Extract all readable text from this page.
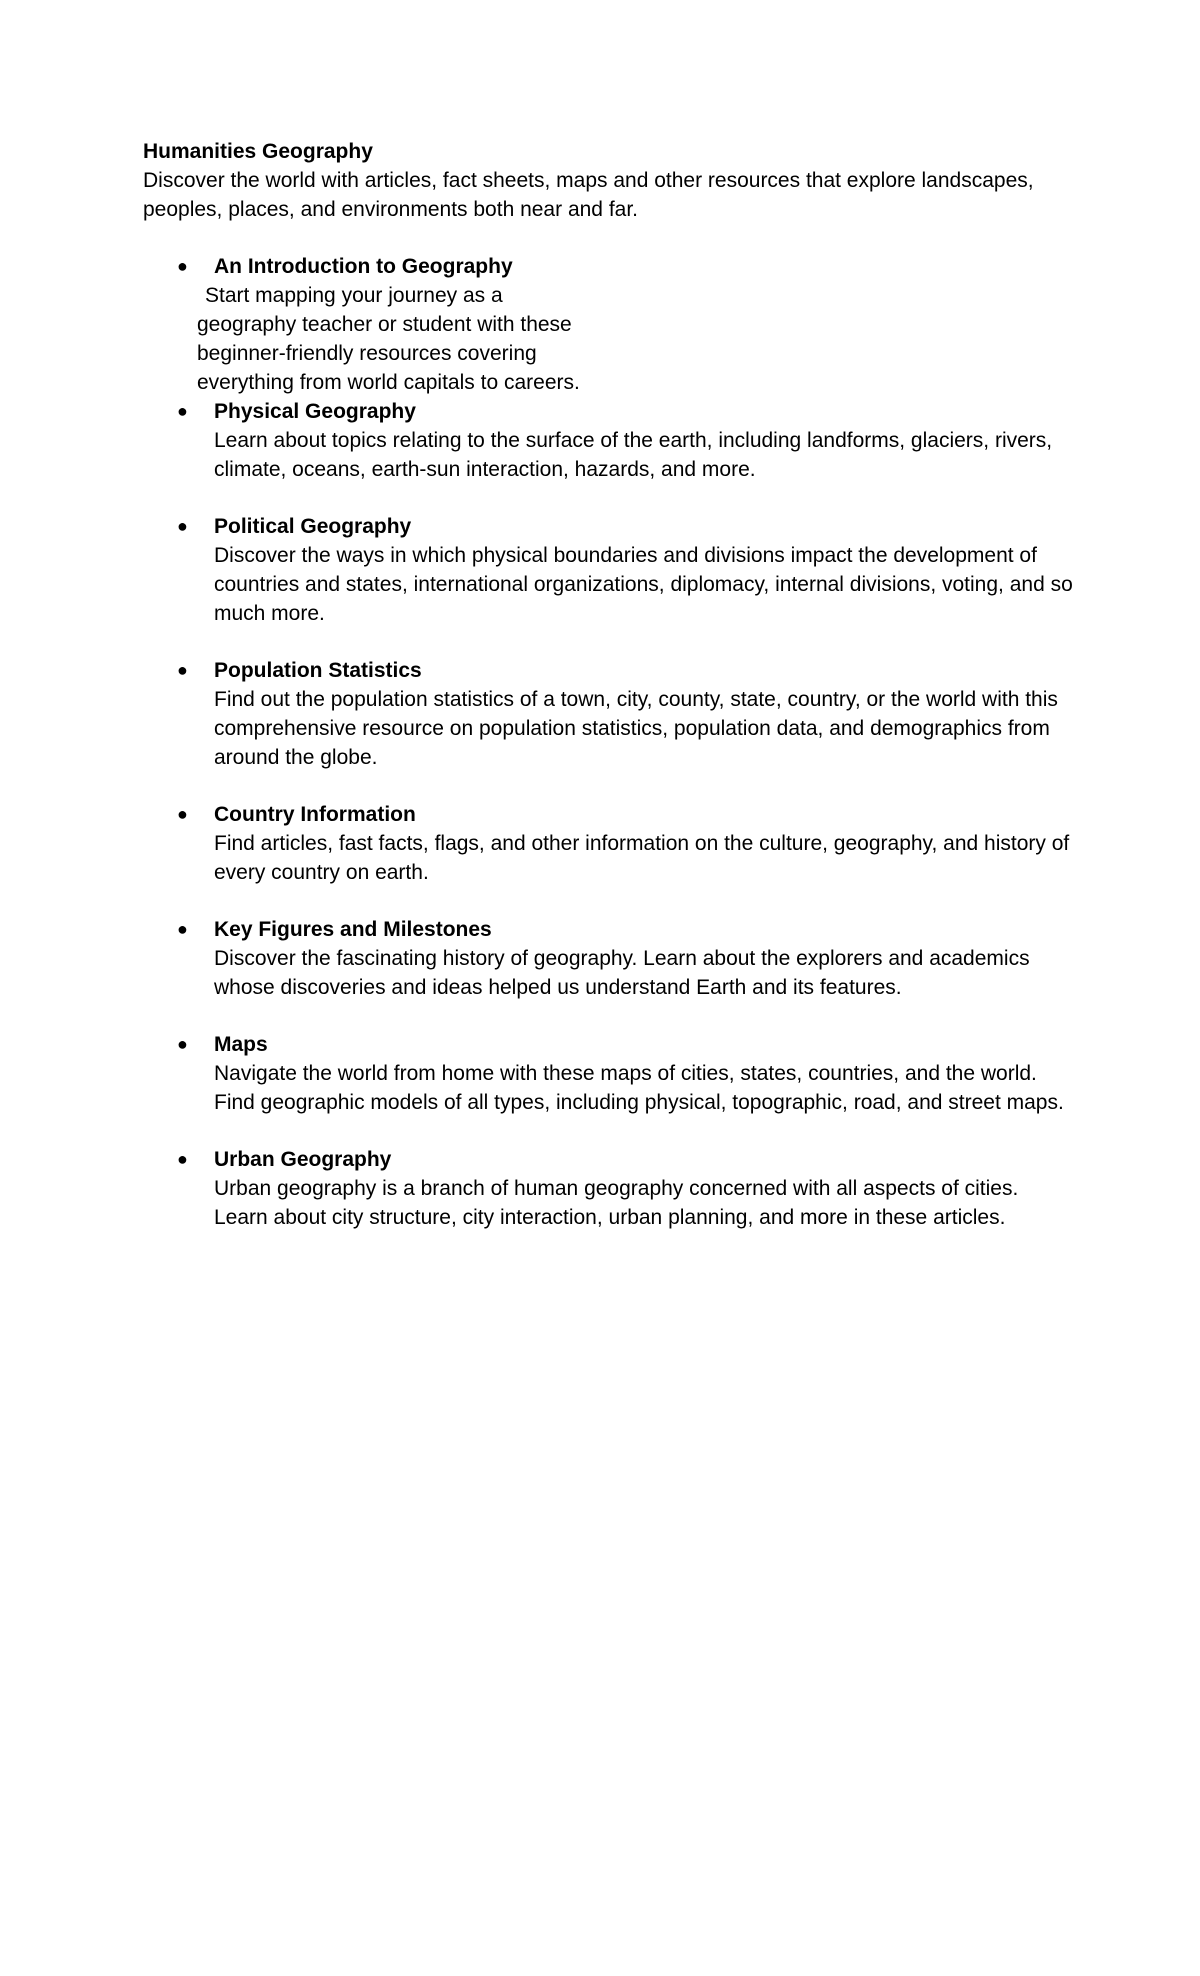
Humanities Geography

Discover the world with articles, fact sheets, maps and other resources that explore landscapes, peoples, places, and environments both near and far.

● An Introduction to Geography
Start mapping your journey as a geography teacher or student with these beginner-friendly resources covering everything from world capitals to careers.
● Physical Geography
Learn about topics relating to the surface of the earth, including landforms, glaciers, rivers, climate, oceans, earth-sun interaction, hazards, and more.
● Political Geography
Discover the ways in which physical boundaries and divisions impact the development of countries and states, international organizations, diplomacy, internal divisions, voting, and so much more.
● Population Statistics
Find out the population statistics of a town, city, county, state, country, or the world with this comprehensive resource on population statistics, population data, and demographics from around the globe.
● Country Information
Find articles, fast facts, flags, and other information on the culture, geography, and history of every country on earth.
● Key Figures and Milestones
Discover the fascinating history of geography. Learn about the explorers and academics whose discoveries and ideas helped us understand Earth and its features.
● Maps
Navigate the world from home with these maps of cities, states, countries, and the world. Find geographic models of all types, including physical, topographic, road, and street maps.
● Urban Geography
Urban geography is a branch of human geography concerned with all aspects of cities. Learn about city structure, city interaction, urban planning, and more in these articles.
